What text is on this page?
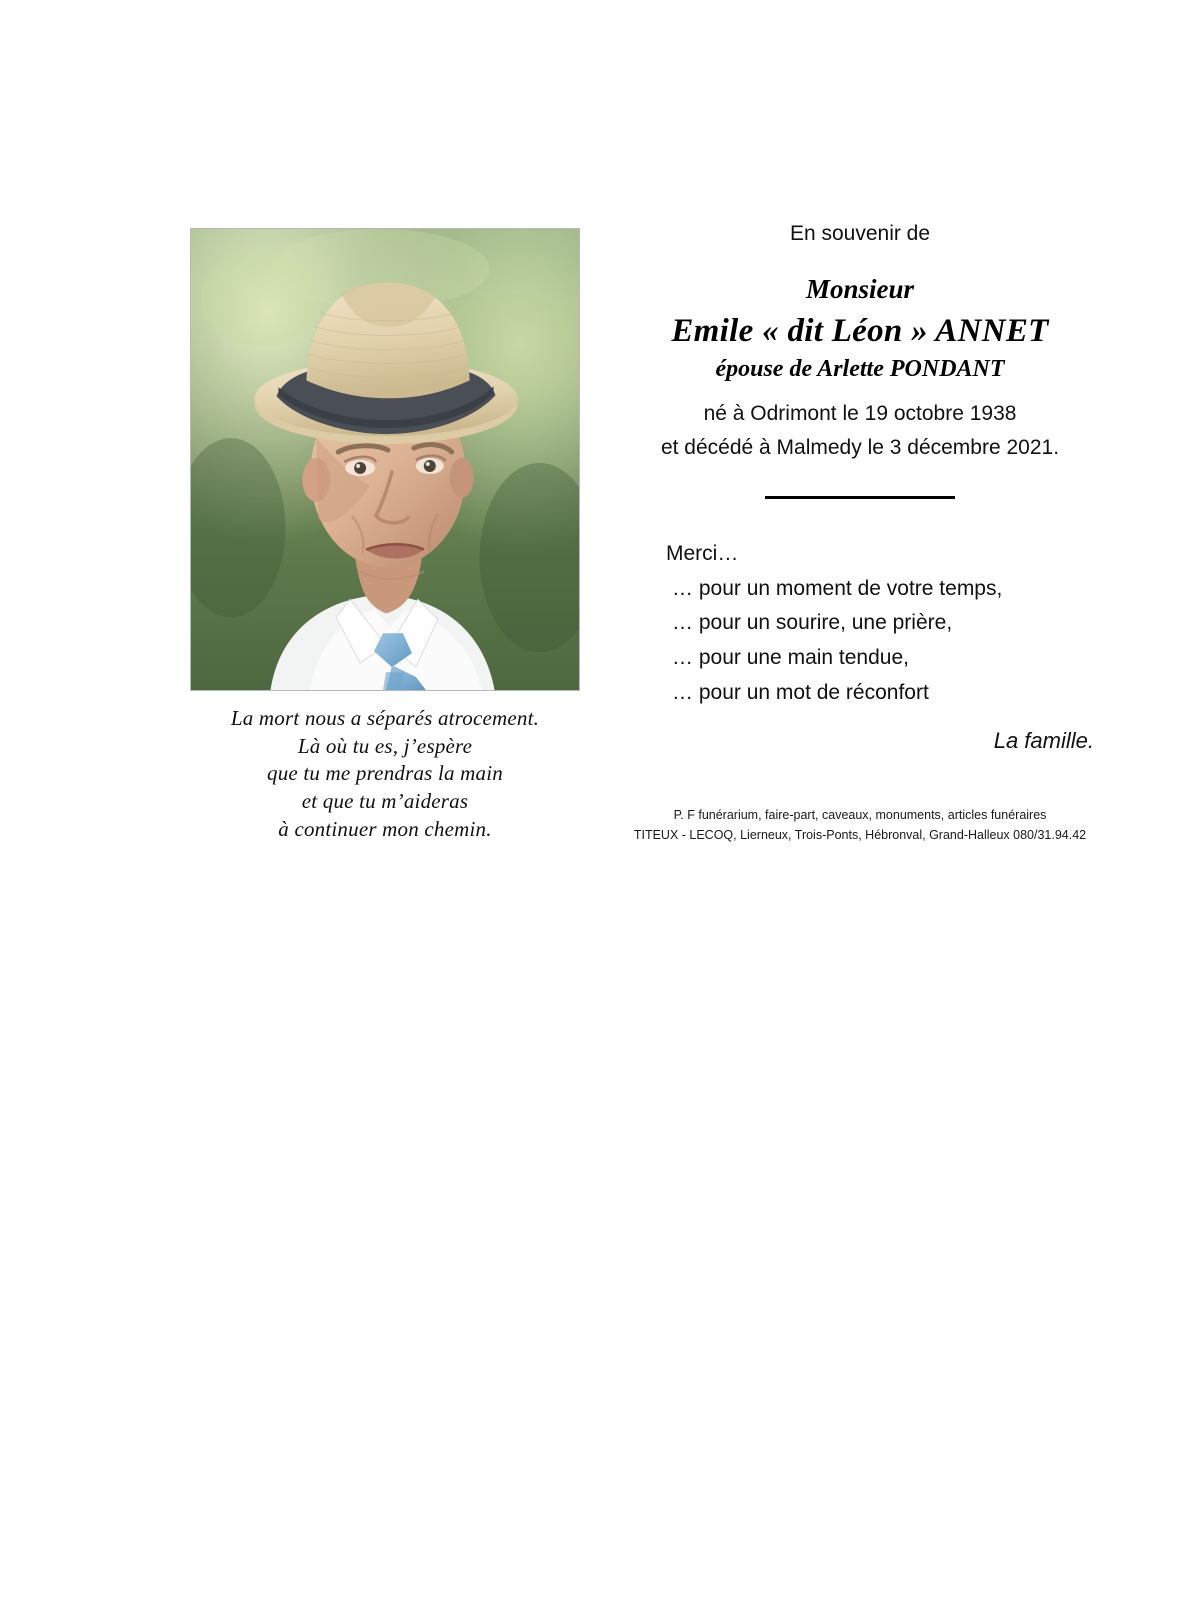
La mort nous a séparés atrocement.
Là où tu es, j’espère
que tu me prendras la main
et que tu m’aideras
à continuer mon chemin.
En souvenir de
Monsieur
Emile « dit Léon » ANNET
épouse de Arlette PONDANT
né à Odrimont le 19 octobre 1938
et décédé à Malmedy le 3 décembre 2021.
Merci…
… pour un moment de votre temps,
… pour un sourire, une prière,
… pour une main tendue,
… pour un mot de réconfort
La famille.
P. F funérarium, faire-part, caveaux, monuments, articles funéraires
TITEUX - LECOQ, Lierneux, Trois-Ponts, Hébronval, Grand-Halleux 080/31.94.42
